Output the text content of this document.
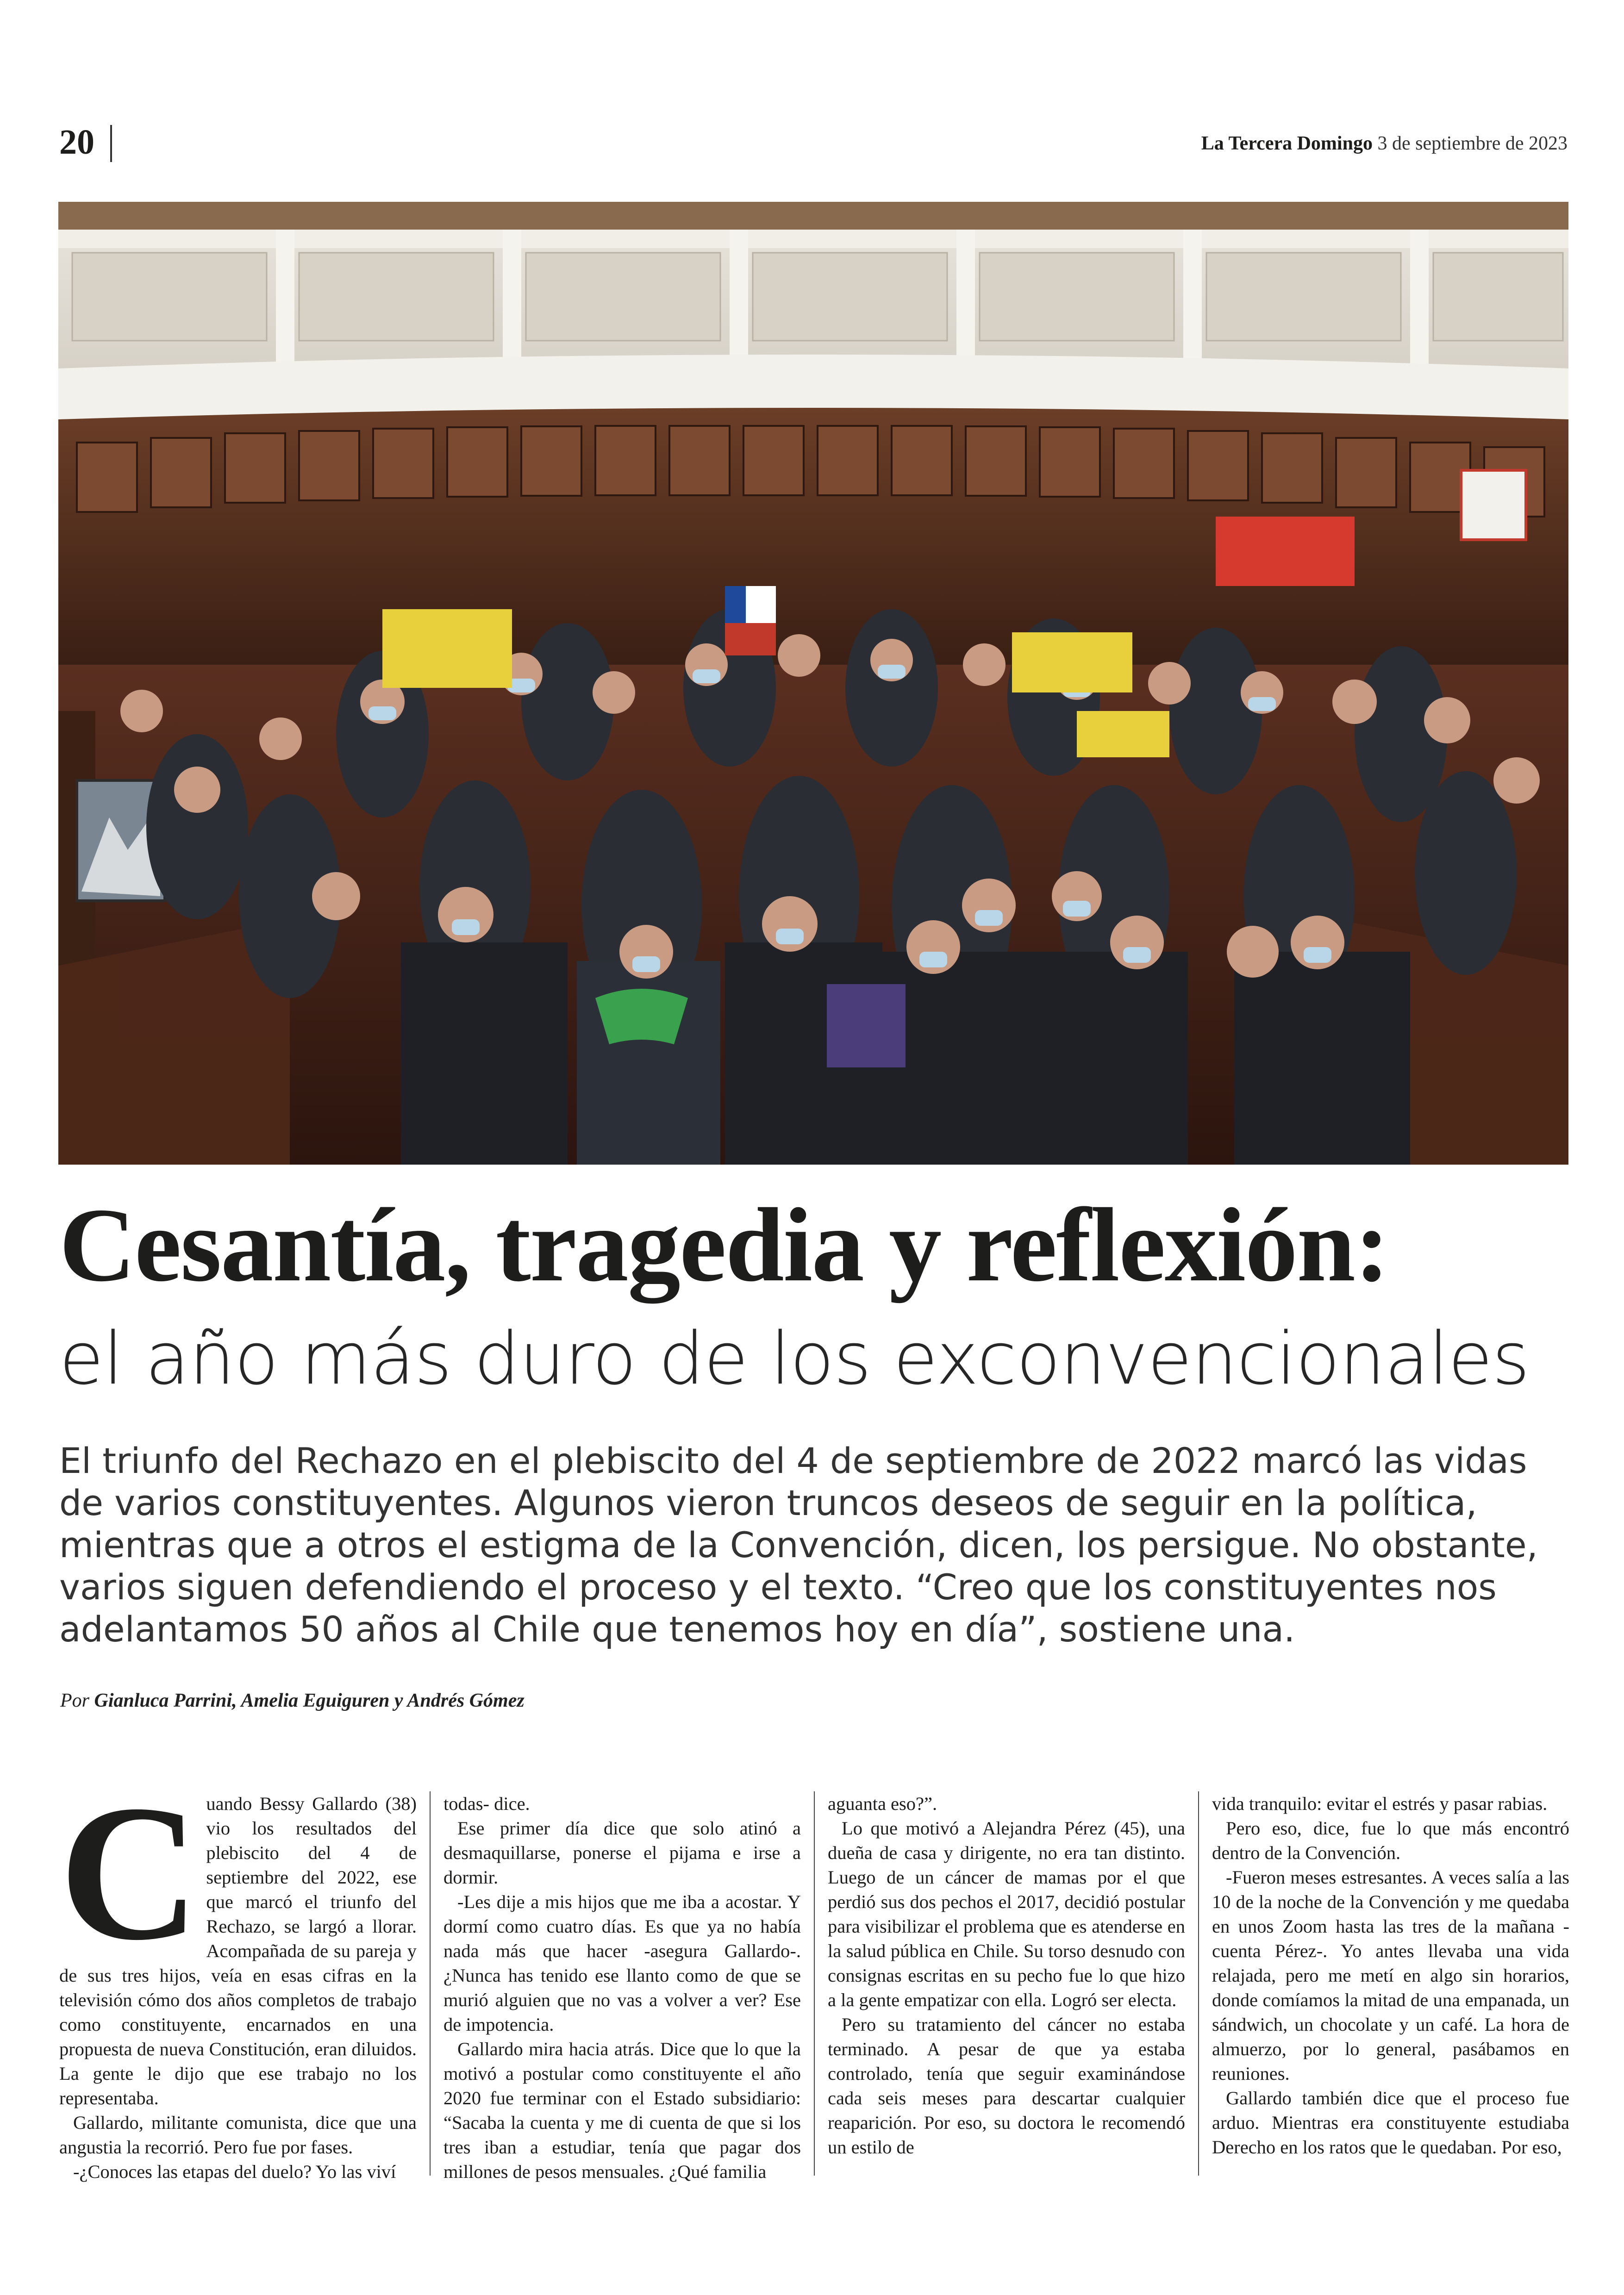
20	La Tercera Domingo 3 de septiembre de 2023
Cesantía, tragedia y reflexión:
el año más duro de los exconvencionales
El triunfo del Rechazo en el plebiscito del 4 de septiembre de 2022 marcó las vidas de varios constituyentes. Algunos vieron truncos deseos de seguir en la política, mientras que a otros el estigma de la Convención, dicen, los persigue. No obstante, varios siguen defendiendo el proceso y el texto. “Creo que los constituyentes nos adelantamos 50 años al Chile que tenemos hoy en día”, sostiene una.
Por Gianluca Parrini, Amelia Eguiguren y Andrés Gómez
C uando Bessy Gallardo (38) vio los resultados del plebiscito del 4 de septiembre del 2022, ese que marcó el triunfo del Rechazo, se largó a llorar. Acompañada de su pareja y de sus tres hijos, veía en esas cifras en la televisión cómo dos años completos de trabajo como constituyente, encarnados en una propuesta de nueva Constitución, eran diluidos. La gente le dijo que ese trabajo no los representaba.

Gallardo, militante comunista, dice que una angustia la recorrió. Pero fue por fases.

-¿Conoces las etapas del duelo? Yo las viví

todas- dice.

Ese primer día dice que solo atinó a desmaquillarse, ponerse el pijama e irse a dormir.

-Les dije a mis hijos que me iba a acostar. Y dormí como cuatro días. Es que ya no había nada más que hacer -asegura Gallardo-. ¿Nunca has tenido ese llanto como de que se murió alguien que no vas a volver a ver? Ese de impotencia.

Gallardo mira hacia atrás. Dice que lo que la motivó a postular como constituyente el año 2020 fue terminar con el Estado subsidiario: “Sacaba la cuenta y me di cuenta de que si los tres iban a estudiar, tenía que pagar dos millones de pesos mensuales. ¿Qué familia

aguanta eso?”.

Lo que motivó a Alejandra Pérez (45), una dueña de casa y dirigente, no era tan distinto. Luego de un cáncer de mamas por el que perdió sus dos pechos el 2017, decidió postular para visibilizar el problema que es atenderse en la salud pública en Chile. Su torso desnudo con consignas escritas en su pecho fue lo que hizo a la gente empatizar con ella. Logró ser electa.

Pero su tratamiento del cáncer no estaba terminado. A pesar de que ya estaba controlado, tenía que seguir examinándose cada seis meses para descartar cualquier reaparición. Por eso, su doctora le recomendó un estilo de

vida tranquilo: evitar el estrés y pasar rabias.

Pero eso, dice, fue lo que más encontró dentro de la Convención.

-Fueron meses estresantes. A veces salía a las 10 de la noche de la Convención y me quedaba en unos Zoom hasta las tres de la mañana -cuenta Pérez-. Yo antes llevaba una vida relajada, pero me metí en algo sin horarios, donde comíamos la mitad de una empanada, un sándwich, un chocolate y un café. La hora de almuerzo, por lo general, pasábamos en reuniones.

Gallardo también dice que el proceso fue arduo. Mientras era constituyente estudiaba Derecho en los ratos que le quedaban. Por eso,
